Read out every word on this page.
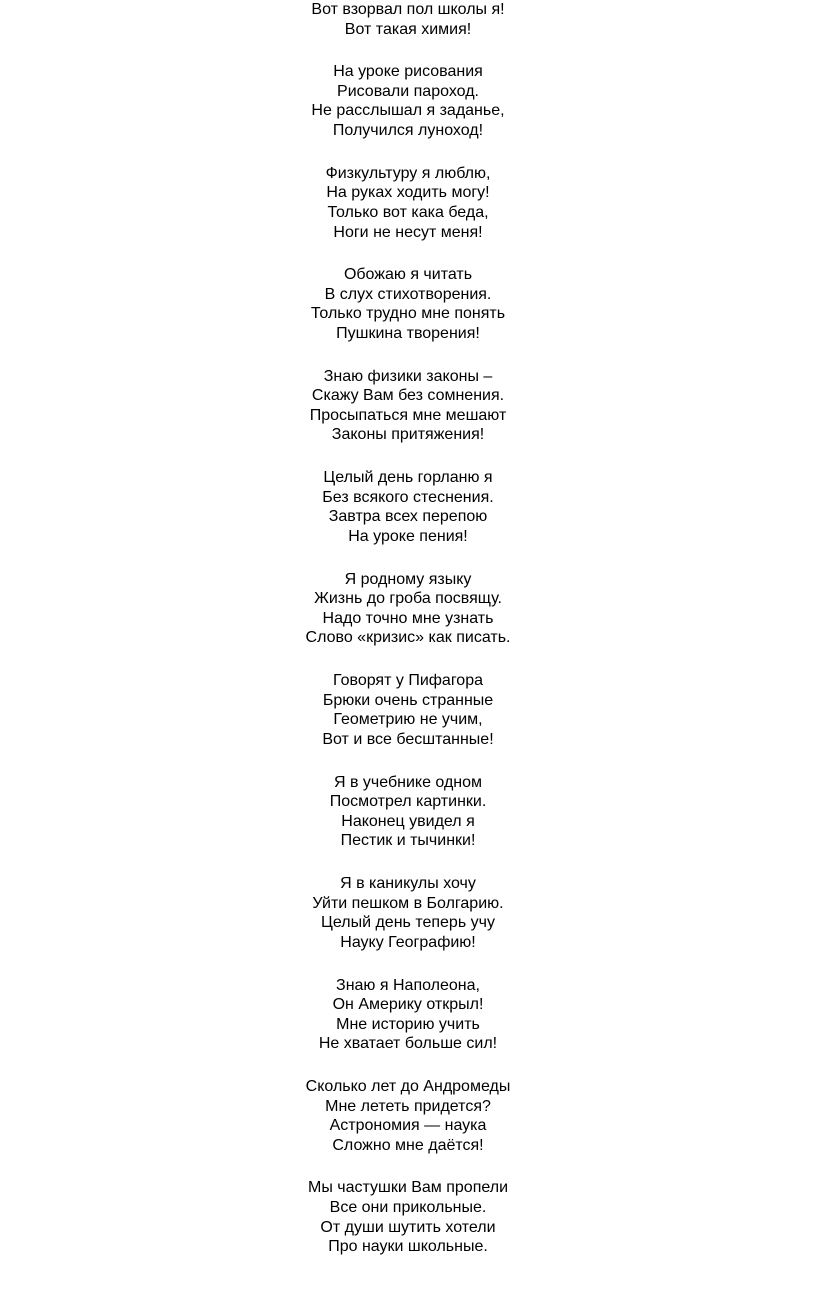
Вот взорвал пол школы я!
Вот такая химия!
На уроке рисования
Рисовали пароход.
Не расслышал я заданье,
Получился луноход!
Физкультуру я люблю,
На руках ходить могу!
Только вот кака беда,
Ноги не несут меня!
Обожаю я читать
В слух стихотворения.
Только трудно мне понять
Пушкина творения!
Знаю физики законы –
Скажу Вам без сомнения.
Просыпаться мне мешают
Законы притяжения!
Целый день горланю я
Без всякого стеснения.
Завтра всех перепою
На уроке пения!
Я родному языку
Жизнь до гроба посвящу.
Надо точно мне узнать
Слово «кризис» как писать.
Говорят у Пифагора
Брюки очень странные
Геометрию не учим,
Вот и все бесштанные!
Я в учебнике одном
Посмотрел картинки.
Наконец увидел я
Пестик и тычинки!
Я в каникулы хочу
Уйти пешком в Болгарию.
Целый день теперь учу
Науку Географию!
Знаю я Наполеона,
Он Америку открыл!
Мне историю учить
Не хватает больше сил!
Сколько лет до Андромеды
Мне лететь придется?
Астрономия — наука
Сложно мне даётся!
Мы частушки Вам пропели
Все они прикольные.
От души шутить хотели
Про науки школьные.
